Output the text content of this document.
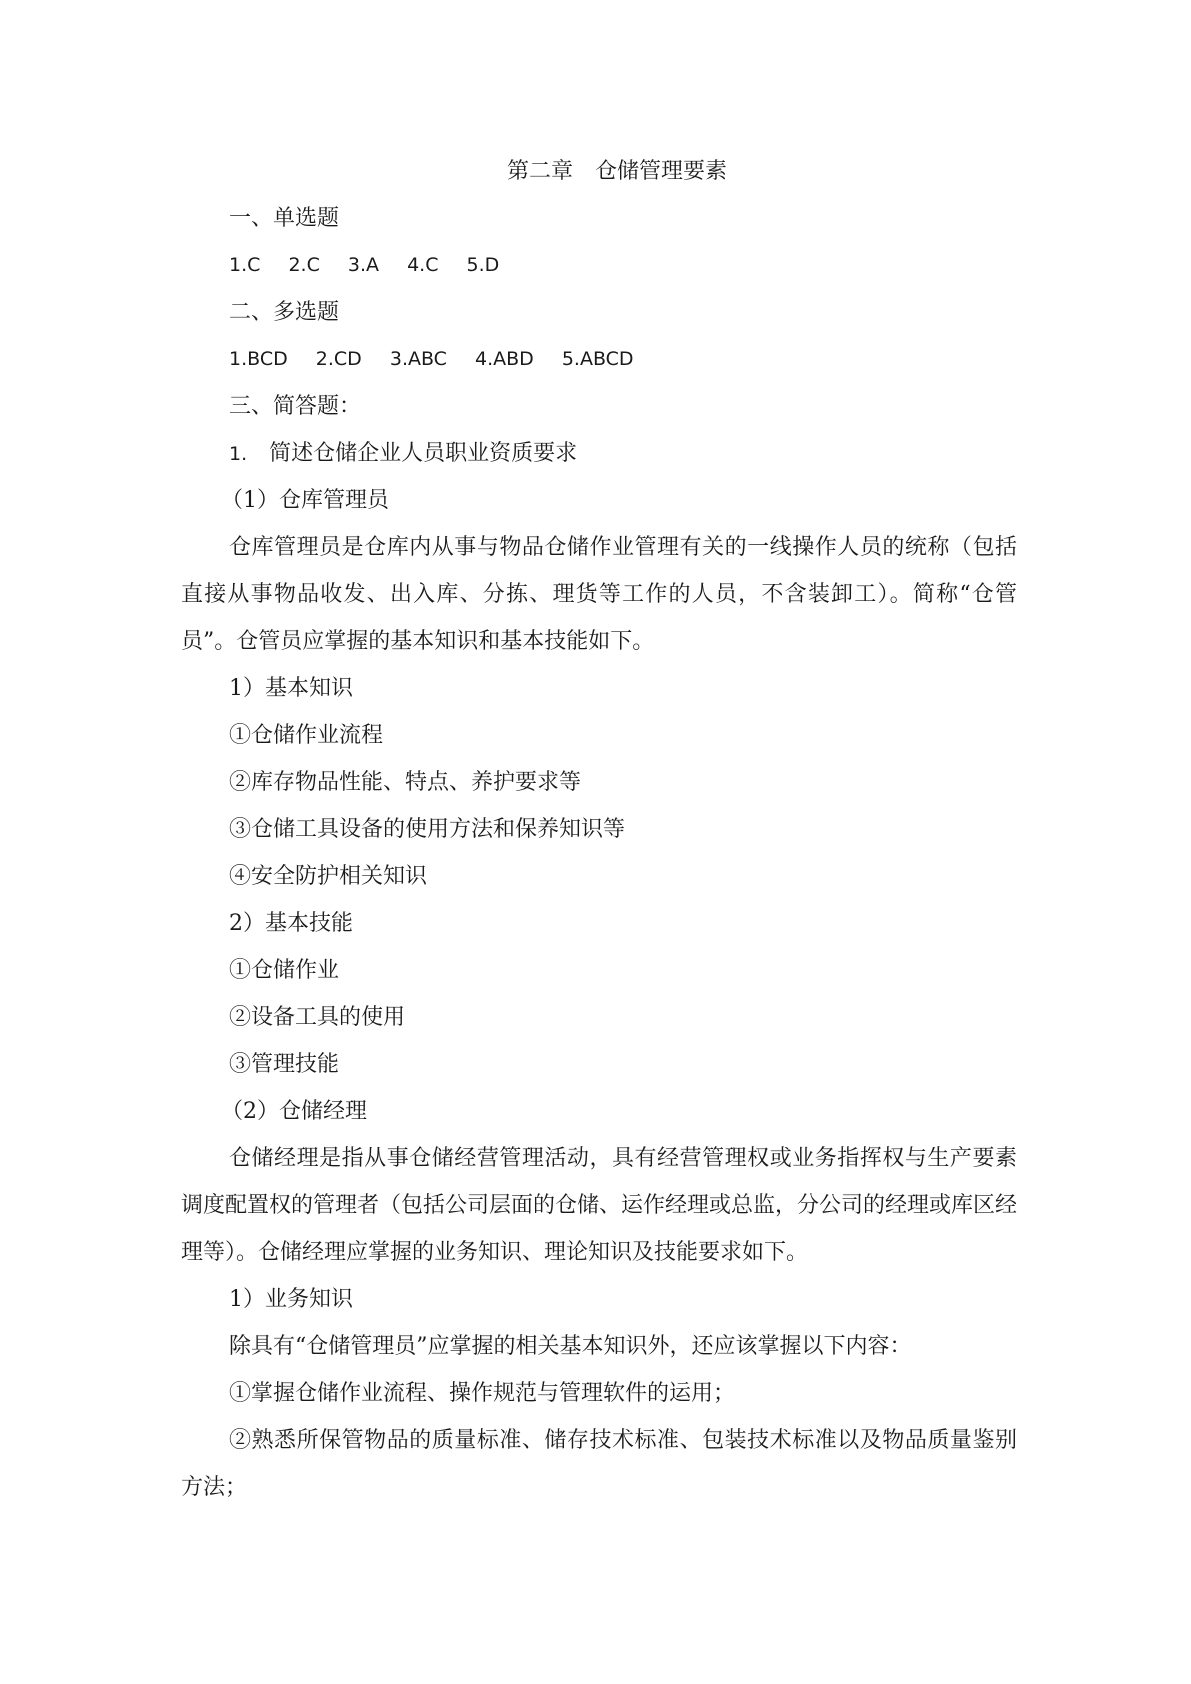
第二章　仓储管理要素
一、单选题
1.C 2.C 3.A 4.C 5.D
二、多选题
1.BCD 2.CD 3.ABC 4.ABD 5.ABCD
三、简答题：
1. 简述仓储企业人员职业资质要求
（1）仓库管理员

仓库管理员是仓库内从事与物品仓储作业管理有关的一线操作人员的统称（包括直接从事物品收发、出入库、分拣、理货等工作的人员，不含装卸工）。简称“仓管员”。仓管员应掌握的基本知识和基本技能如下。

1）基本知识
①仓储作业流程
②库存物品性能、特点、养护要求等
③仓储工具设备的使用方法和保养知识等
④安全防护相关知识
2）基本技能
①仓储作业
②设备工具的使用
③管理技能
（2）仓储经理

仓储经理是指从事仓储经营管理活动，具有经营管理权或业务指挥权与生产要素调度配置权的管理者（包括公司层面的仓储、运作经理或总监，分公司的经理或库区经理等）。仓储经理应掌握的业务知识、理论知识及技能要求如下。

1）业务知识
除具有“仓储管理员”应掌握的相关基本知识外，还应该掌握以下内容：

①掌握仓储作业流程、操作规范与管理软件的运用；

②熟悉所保管物品的质量标准、储存技术标准、包装技术标准以及物品质量鉴别方法；
